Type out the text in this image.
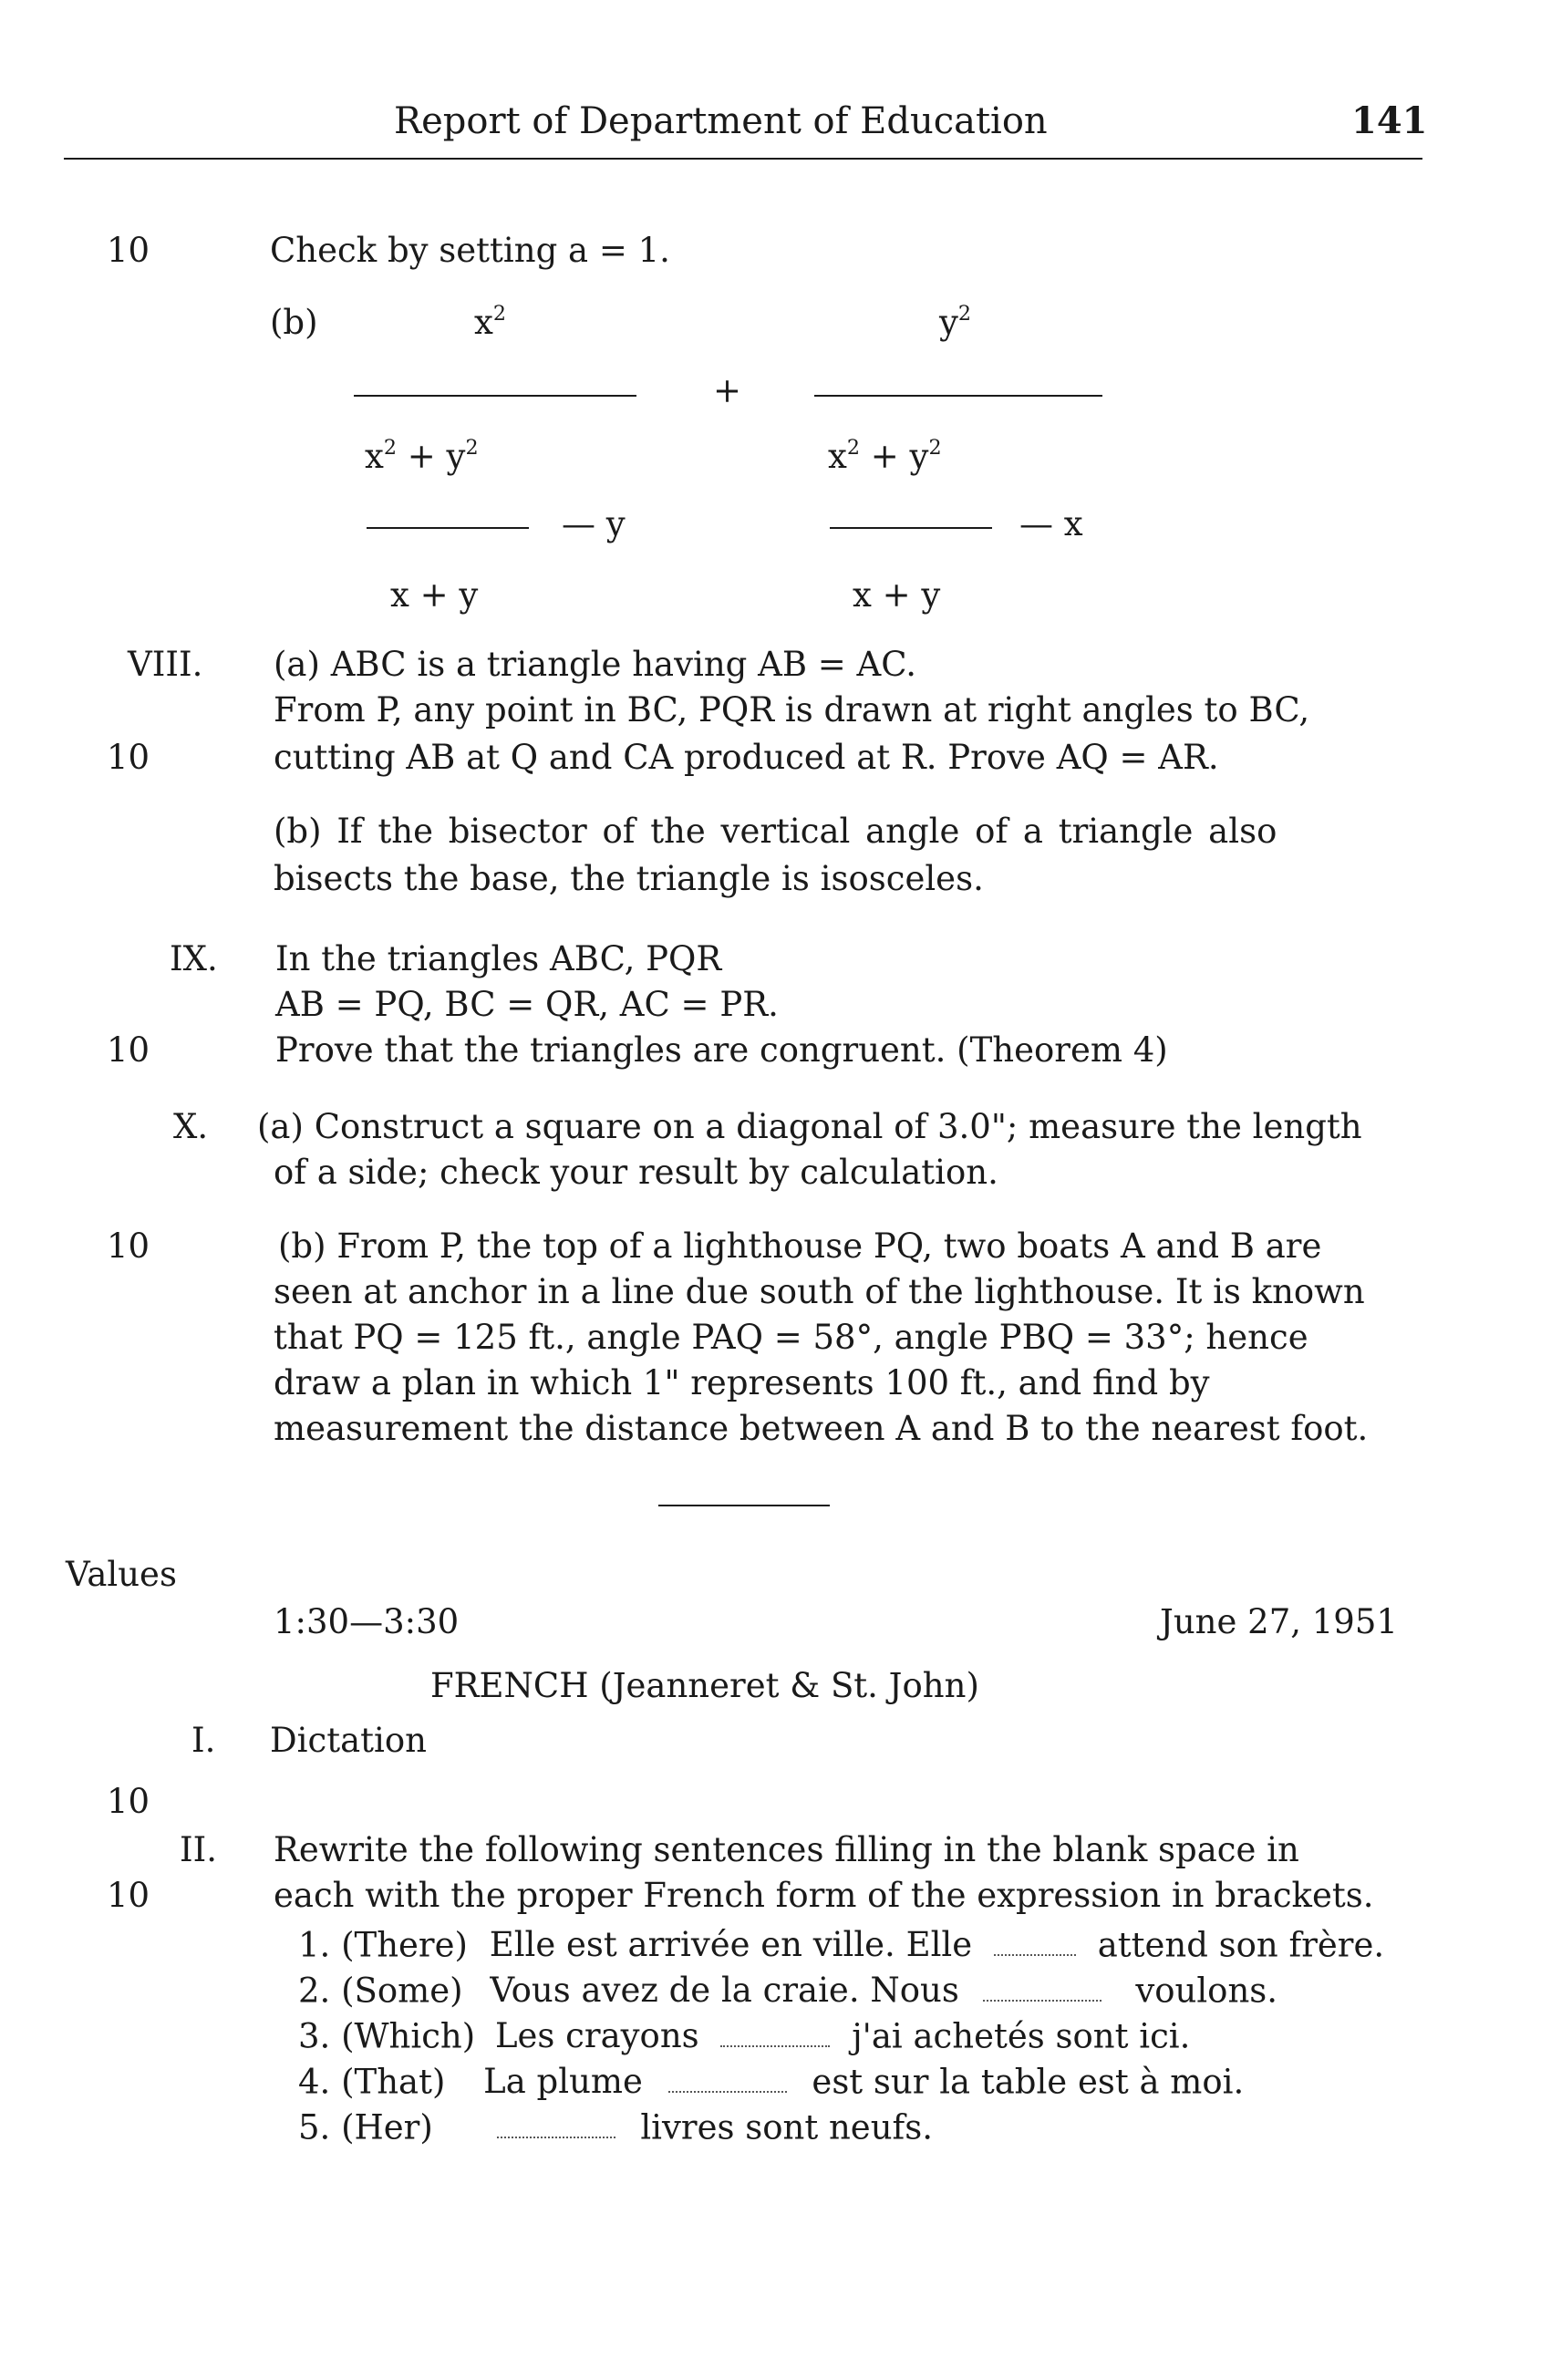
Report of Department of Education	141
10	Check by setting a = 1.
(b)	$x^2$	$y^2$
+
$x^2 + y^2$	$x^2 + y^2$
— y	— x
x + y	x + y
VIII. (a) ABC is a triangle having AB = AC.
From P, any point in BC, PQR is drawn at right angles to BC,
10	cutting AB at Q and CA produced at R. Prove AQ = AR.
(b) If the bisector of the vertical angle of a triangle also
bisects the base, the triangle is isosceles.
IX. In the triangles ABC, PQR
AB = PQ, BC = QR, AC = PR.
10	Prove that the triangles are congruent. (Theorem 4)
X. (a) Construct a square on a diagonal of 3.0"; measure the length
of a side; check your result by calculation.
10	(b) From P, the top of a lighthouse PQ, two boats A and B are
seen at anchor in a line due south of the lighthouse. It is known
that PQ = 125 ft., angle PAQ = 58°, angle PBQ = 33°; hence
draw a plan in which 1" represents 100 ft., and find by
measurement the distance between A and B to the nearest foot.
Values
1:30—3:30	June 27, 1951
FRENCH (Jeanneret & St. John)
I. Dictation
10
II. Rewrite the following sentences filling in the blank space in
10	each with the proper French form of the expression in brackets.
1. (There) Elle est arrivée en ville. Elle	attend son frère.
2. (Some) Vous avez de la craie. Nous	voulons.
3. (Which) Les crayons	j'ai achetés sont ici.
4. (That) La plume	est sur la table est à moi.
5. (Her)	livres sont neufs.
